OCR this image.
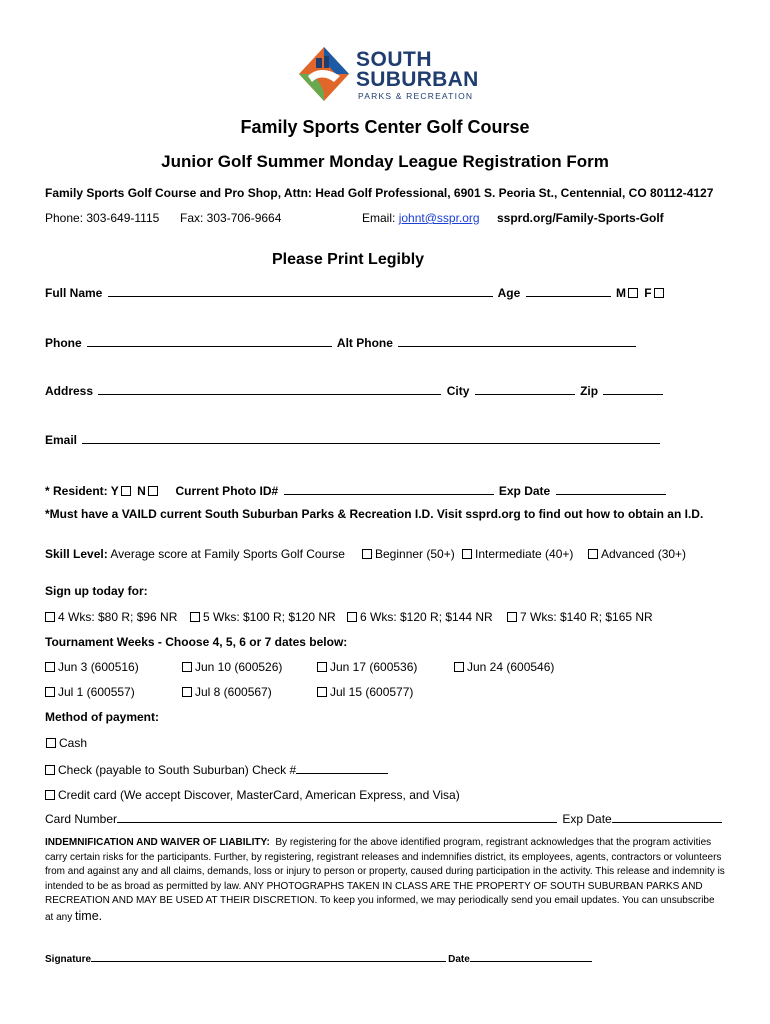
SOUTH
SUBURBAN
PARKS & RECREATION
Family Sports Center Golf Course
Junior Golf Summer Monday League Registration Form
Family Sports Golf Course and Pro Shop, Attn: Head Golf Professional, 6901 S. Peoria St., Centennial, CO 80112-4127
Phone: 303-649-1115 Fax: 303-706-9664	Email: johnt@sspr.org ssprd.org/Family-Sports-Golf
Please Print Legibly
Full Name	Age	M F
Phone	Alt Phone
Address	City	Zip
Email
* Resident: Y N Current Photo ID#	Exp Date
*Must have a VAILD current South Suburban Parks & Recreation I.D. Visit ssprd.org to find out how to obtain an I.D.
Skill Level: Average score at Family Sports Golf Course	Beginner (50+)	Intermediate (40+)	Advanced (30+)
Sign up today for:
4 Wks: $80 R; $96 NR	5 Wks: $100 R; $120 NR	6 Wks: $120 R; $144 NR	7 Wks: $140 R; $165 NR
Tournament Weeks - Choose 4, 5, 6 or 7 dates below:
Jun 3 (600516)	Jun 10 (600526)	Jun 17 (600536)	Jun 24 (600546)
Jul 1 (600557)	Jul 8 (600567)	Jul 15 (600577)
Method of payment:
Cash
Check (payable to South Suburban) Check #
Credit card (We accept Discover, MasterCard, American Express, and Visa)
Card Number	Exp Date
INDEMNIFICATION AND WAIVER OF LIABILITY: By registering for the above identified program, registrant acknowledges that the program activities carry certain risks for the participants. Further, by registering, registrant releases and indemnifies district, its employees, agents, contractors or volunteers from and against any and all claims, demands, loss or injury to person or property, caused during participation in the activity. This release and indemnity is intended to be as broad as permitted by law. ANY PHOTOGRAPHS TAKEN IN CLASS ARE THE PROPERTY OF SOUTH SUBURBAN PARKS AND RECREATION AND MAY BE USED AT THEIR DISCRETION. To keep you informed, we may periodically send you email updates. You can unsubscribe at any time.
Signature	Date
